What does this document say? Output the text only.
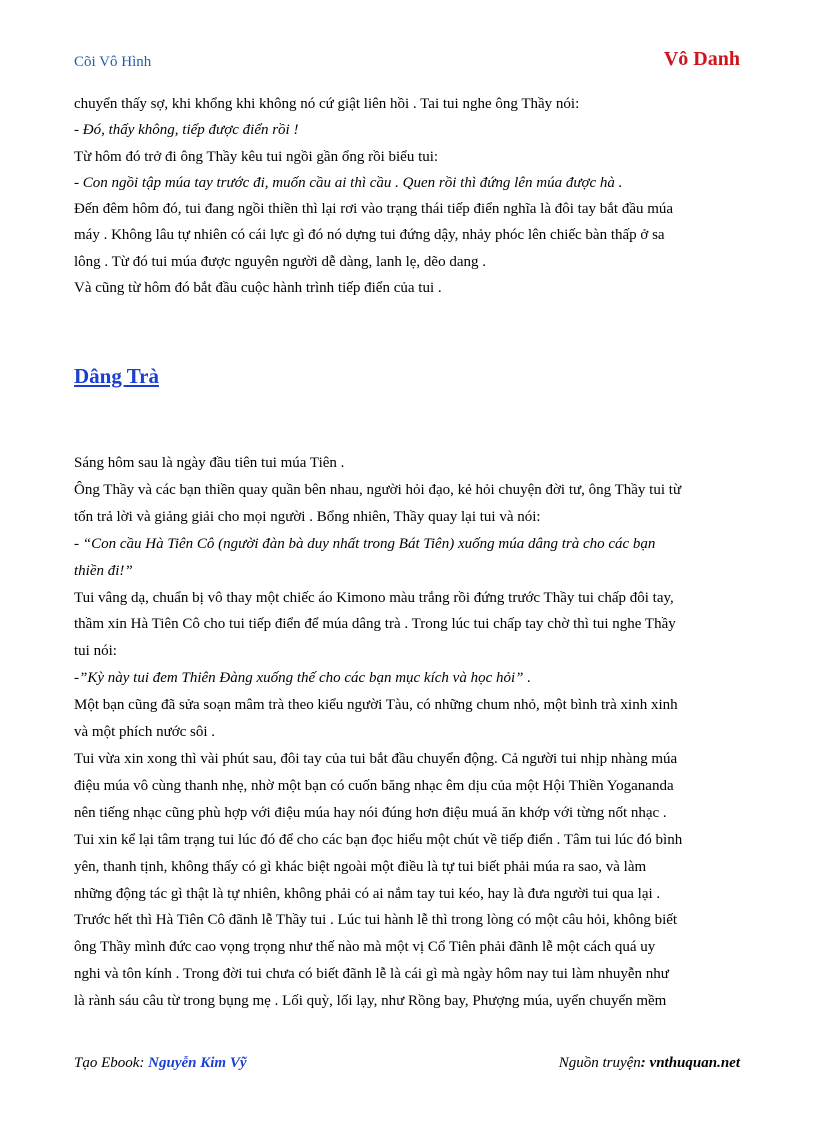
Cõi Vô Hình	Vô Danh

chuyển thấy sợ, khi khổng khi không nó cứ giật liên hồi . Tai tui nghe ông Thầy nói:

- Đó, thấy không, tiếp được điển rồi !

Từ hôm đó trở đi ông Thầy kêu tui ngồi gần ổng rồi biểu tui:

- Con ngồi tập múa tay trước đi, muốn cầu ai thì cầu . Quen rồi thì đứng lên múa được hà .

Đến đêm hôm đó, tui đang ngồi thiền thì lại rơi vào trạng thái tiếp điển nghĩa là đôi tay bắt đầu múa

máy . Không lâu tự nhiên có cái lực gì đó nó dựng tui đứng dậy, nhảy phóc lên chiếc bàn thấp ở sa

lông . Từ đó tui múa được nguyên người dễ dàng, lanh lẹ, dẽo dang .

Và cũng từ hôm đó bắt đầu cuộc hành trình tiếp điển của tui .

Dâng Trà

Sáng hôm sau là ngày đầu tiên tui múa Tiên .

Ông Thầy và các bạn thiền quay quần bên nhau, người hỏi đạo, kẻ hỏi chuyện đời tư, ông Thầy tui từ

tốn trả lời và giảng giải cho mọi người . Bổng nhiên, Thầy quay lại tui và nói:

- “Con cầu Hà Tiên Cô (người đàn bà duy nhất trong Bát Tiên) xuống múa dâng trà cho các bạn

thiền đi!”

Tui vâng dạ, chuẩn bị vô thay một chiếc áo Kimono màu trắng rồi đứng trước Thầy tui chấp đôi tay,

thầm xin Hà Tiên Cô cho tui tiếp điển để múa dâng trà . Trong lúc tui chấp tay chờ thì tui nghe Thầy

tui nói:

-”Kỳ này tui đem Thiên Đàng xuống thế cho các bạn mục kích và học hỏi” .

Một bạn cũng đã sửa soạn mâm trà theo kiểu người Tàu, có những chum nhỏ, một bình trà xinh xinh

và một phích nước sôi .

Tui vừa xin xong thì vài phút sau, đôi tay của tui bắt đầu chuyển động. Cả người tui nhịp nhàng múa

điệu múa vô cùng thanh nhẹ, nhờ một bạn có cuốn băng nhạc êm dịu của một Hội Thiền Yogananda

nên tiếng nhạc cũng phù hợp với điệu múa hay nói đúng hơn điệu muá ăn khớp với từng nốt nhạc .

Tui xin kể lại tâm trạng tui lúc đó để cho các bạn đọc hiểu một chút về tiếp điển . Tâm tui lúc đó bình

yên, thanh tịnh, không thấy có gì khác biệt ngoài một điều là tự tui biết phải múa ra sao, và làm

những động tác gì thật là tự nhiên, không phải có ai nắm tay tui kéo, hay là đưa người tui qua lại .

Trước hết thì Hà Tiên Cô đãnh lễ Thầy tui . Lúc tui hành lễ thì trong lòng có một câu hỏi, không biết

ông Thầy mình đức cao vọng trọng như thế nào mà một vị Cổ Tiên phải đãnh lễ một cách quá uy

nghi và tôn kính . Trong đời tui chưa có biết đãnh lễ là cái gì mà ngày hôm nay tui làm nhuyễn như

là rành sáu câu từ trong bụng mẹ . Lối quỳ, lối lạy, như Rồng bay, Phượng múa, uyển chuyển mềm

Tạo Ebook: Nguyễn Kim Vỹ	Nguồn truyện: vnthuquan.net
